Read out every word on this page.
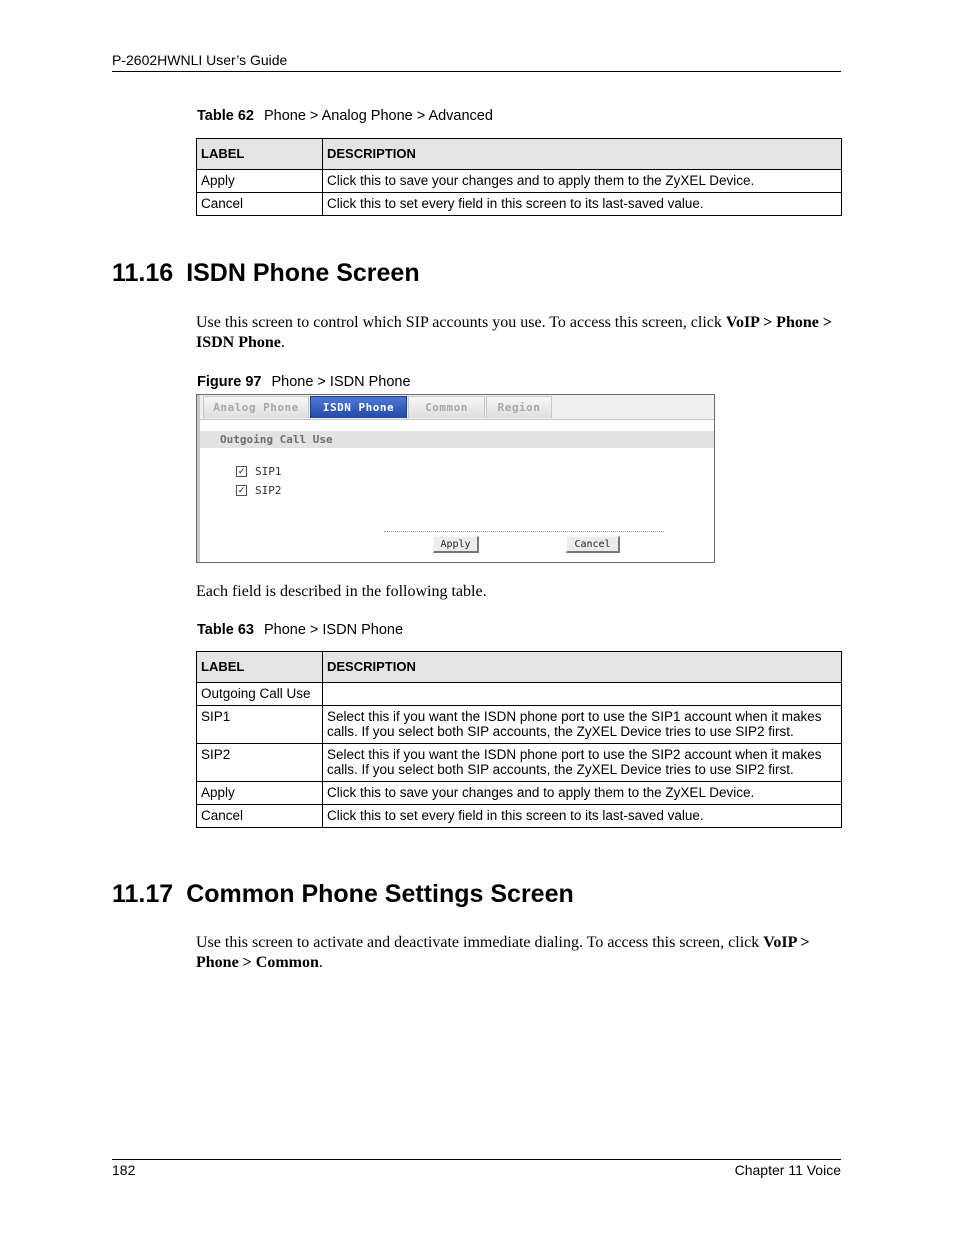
P-2602HWNLI User’s Guide
Table 62 Phone > Analog Phone > Advanced
LABEL	DESCRIPTION
Apply	Click this to save your changes and to apply them to the ZyXEL Device.
Cancel	Click this to set every field in this screen to its last-saved value.
11.16 ISDN Phone Screen
Use this screen to control which SIP accounts you use. To access this screen, click VoIP > Phone > ISDN Phone.
Figure 97 Phone > ISDN Phone
Analog Phone	ISDN Phone	Common	Region
Outgoing Call Use
✓ SIP1
✓ SIP2
Apply	Cancel
Each field is described in the following table.
Table 63 Phone > ISDN Phone
LABEL	DESCRIPTION
Outgoing Call Use	
SIP1	Select this if you want the ISDN phone port to use the SIP1 account when it makes calls. If you select both SIP accounts, the ZyXEL Device tries to use SIP2 first.
SIP2	Select this if you want the ISDN phone port to use the SIP2 account when it makes calls. If you select both SIP accounts, the ZyXEL Device tries to use SIP2 first.
Apply	Click this to save your changes and to apply them to the ZyXEL Device.
Cancel	Click this to set every field in this screen to its last-saved value.
11.17 Common Phone Settings Screen
Use this screen to activate and deactivate immediate dialing. To access this screen, click VoIP > Phone > Common.
182	Chapter 11 Voice
